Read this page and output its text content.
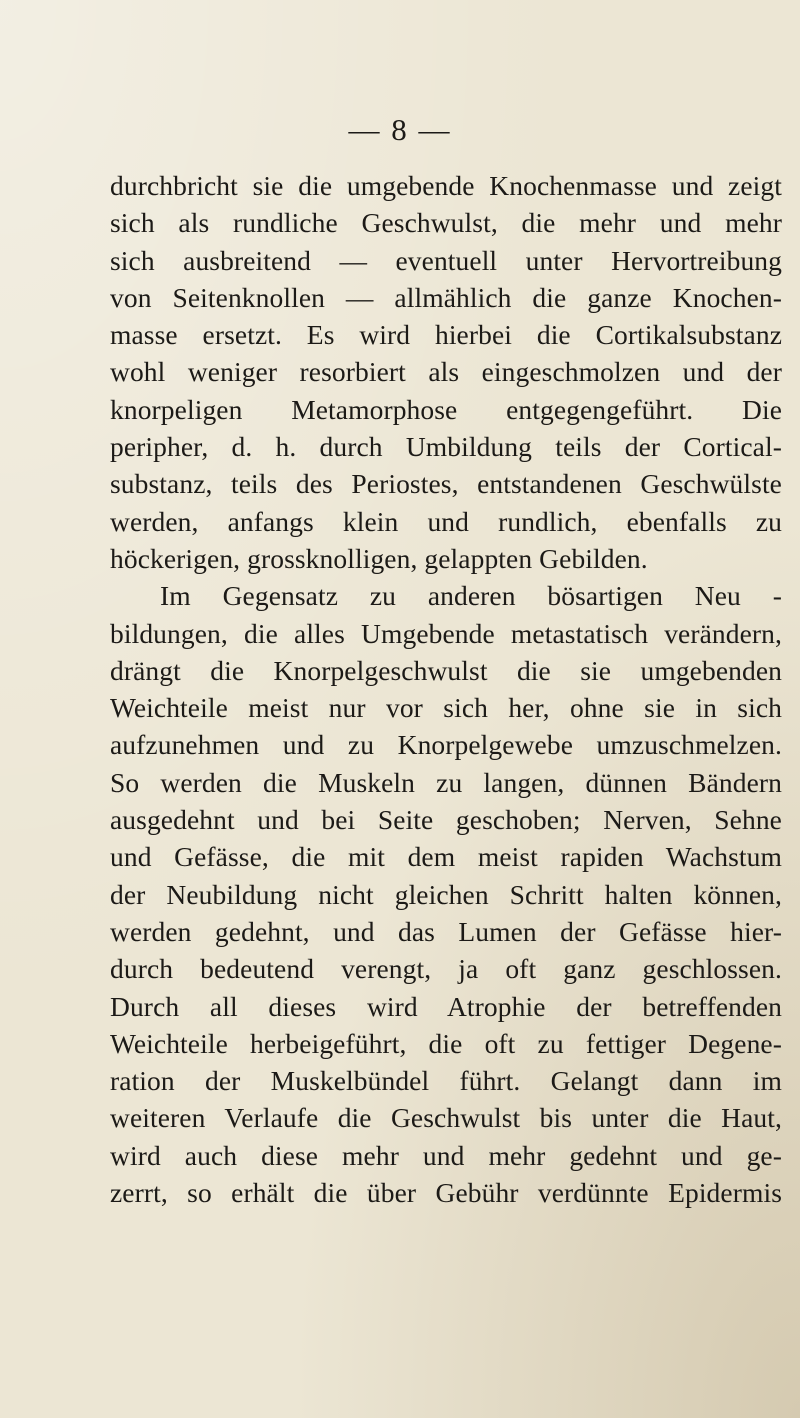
— 8 —
durchbricht sie die umgebende Knochenmasse und zeigt
sich als rundliche Geschwulst, die mehr und mehr
sich ausbreitend — eventuell unter Hervortreibung
von Seitenknollen — allmählich die ganze Knochen-
masse ersetzt. Es wird hierbei die Cortikalsubstanz
wohl weniger resorbiert als eingeschmolzen und der
knorpeligen Metamorphose entgegengeführt. Die
peripher, d. h. durch Umbildung teils der Cortical-
substanz, teils des Periostes, entstandenen Geschwülste
werden, anfangs klein und rundlich, ebenfalls zu
höckerigen, grossknolligen, gelappten Gebilden.
Im Gegensatz zu anderen bösartigen Neu -
bildungen, die alles Umgebende metastatisch verändern,
drängt die Knorpelgeschwulst die sie umgebenden
Weichteile meist nur vor sich her, ohne sie in sich
aufzunehmen und zu Knorpelgewebe umzuschmelzen.
So werden die Muskeln zu langen, dünnen Bändern
ausgedehnt und bei Seite geschoben; Nerven, Sehne
und Gefässe, die mit dem meist rapiden Wachstum
der Neubildung nicht gleichen Schritt halten können,
werden gedehnt, und das Lumen der Gefässe hier-
durch bedeutend verengt, ja oft ganz geschlossen.
Durch all dieses wird Atrophie der betreffenden
Weichteile herbeigeführt, die oft zu fettiger Degene-
ration der Muskelbündel führt. Gelangt dann im
weiteren Verlaufe die Geschwulst bis unter die Haut,
wird auch diese mehr und mehr gedehnt und ge-
zerrt, so erhält die über Gebühr verdünnte Epidermis
